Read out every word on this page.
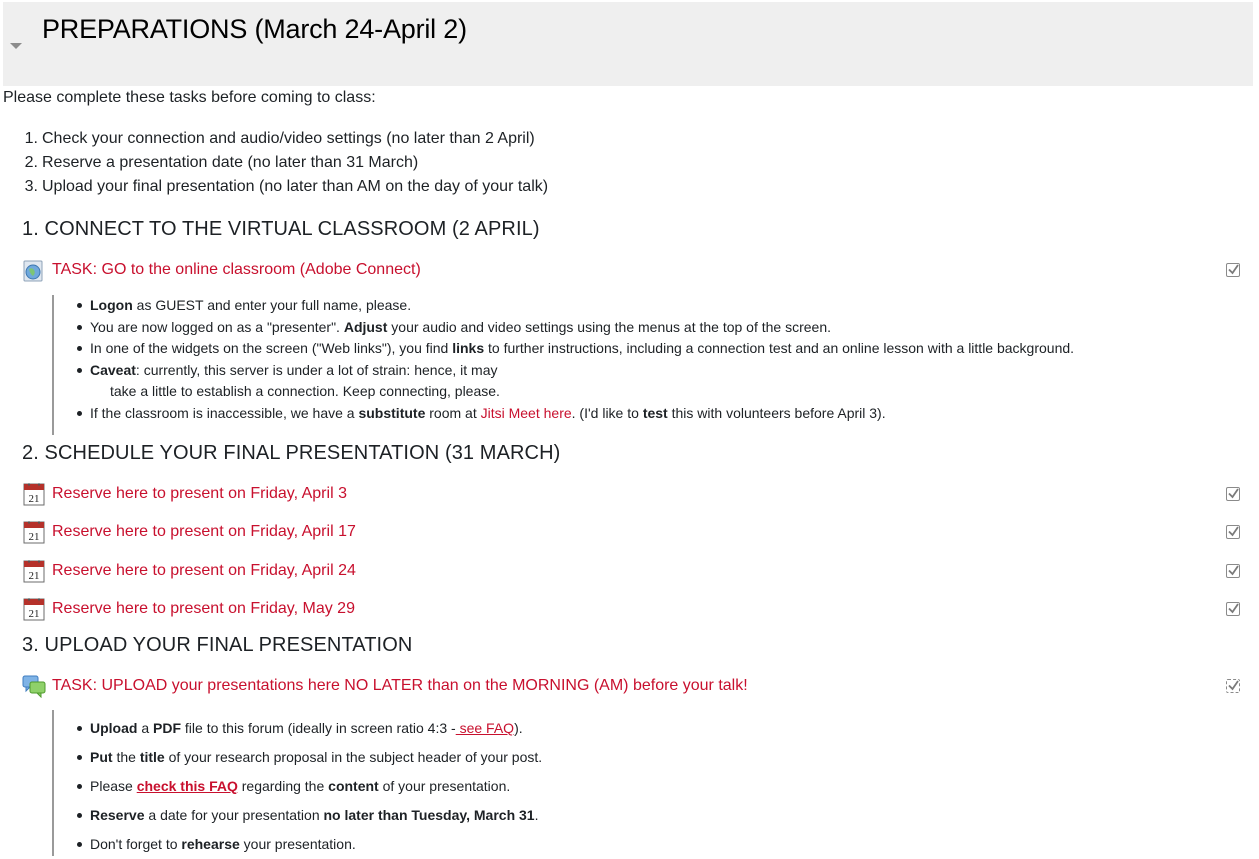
PREPARATIONS (March 24-April 2)
Please complete these tasks before coming to class:
1. Check your connection and audio/video settings (no later than 2 April)
2. Reserve a presentation date (no later than 31 March)
3. Upload your final presentation (no later than AM on the day of your talk)
1. CONNECT TO THE VIRTUAL CLASSROOM (2 APRIL)
TASK: GO to the online classroom (Adobe Connect)
Logon as GUEST and enter your full name, please.
You are now logged on as a "presenter". Adjust your audio and video settings using the menus at the top of the screen.
In one of the widgets on the screen ("Web links"), you find links to further instructions, including a connection test and an online lesson with a little background.
Caveat: currently, this server is under a lot of strain: hence, it may
take a little to establish a connection. Keep connecting, please.
If the classroom is inaccessible, we have a substitute room at Jitsi Meet here. (I'd like to test this with volunteers before April 3).
2. SCHEDULE YOUR FINAL PRESENTATION (31 MARCH)
21 Reserve here to present on Friday, April 3
21 Reserve here to present on Friday, April 17
21 Reserve here to present on Friday, April 24
21 Reserve here to present on Friday, May 29
3. UPLOAD YOUR FINAL PRESENTATION
TASK: UPLOAD your presentations here NO LATER than on the MORNING (AM) before your talk!
Upload a PDF file to this forum (ideally in screen ratio 4:3 - see FAQ).
Put the title of your research proposal in the subject header of your post.
Please check this FAQ regarding the content of your presentation.
Reserve a date for your presentation no later than Tuesday, March 31.
Don't forget to rehearse your presentation.
